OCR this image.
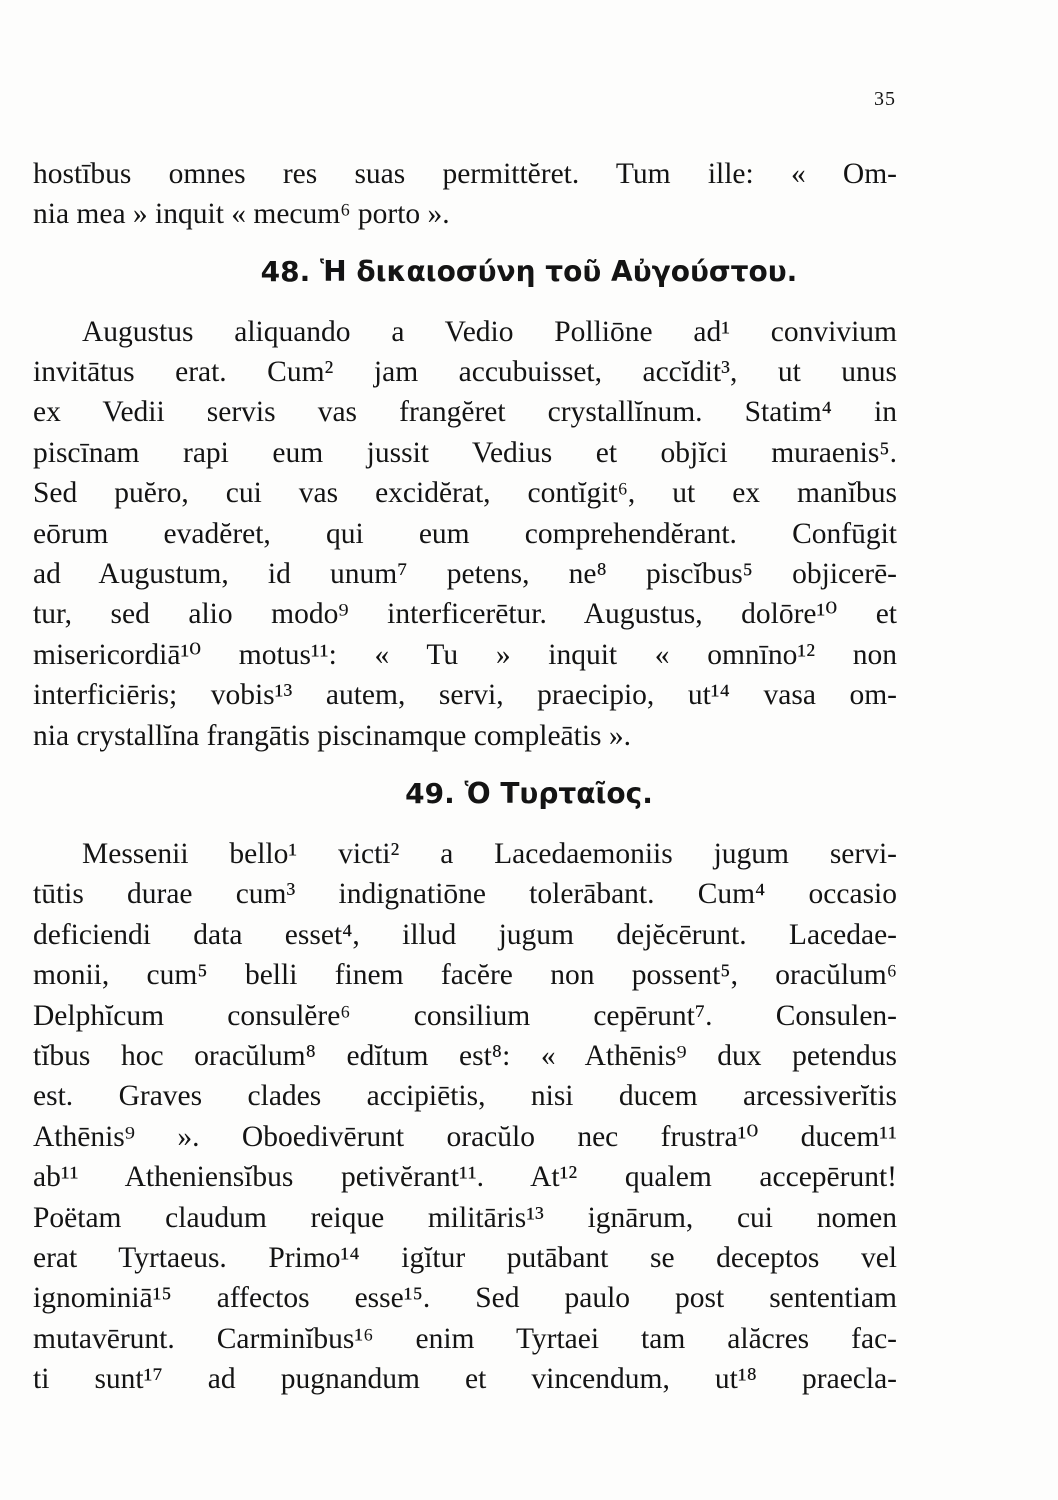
35
hostībus omnes res suas permittĕret. Tum ille: « Om-
nia mea » inquit « mecum⁶ porto ».
48. Ἡ δικαιοσύνη τοῦ Αὐγούστου.
Augustus aliquando a Vedio Polliōne ad¹ convivium
invitātus erat. Cum² jam accubuisset, accĭdit³, ut unus
ex Vedii servis vas frangĕret crystallĭnum. Statim⁴ in
piscīnam rapi eum jussit Vedius et objĭci muraenis⁵.
Sed puĕro, cui vas excidĕrat, contĭgit⁶, ut ex manĭbus
eōrum evadĕret, qui eum comprehendĕrant. Confūgit
ad Augustum, id unum⁷ petens, ne⁸ piscĭbus⁵ objicerē-
tur, sed alio modo⁹ interficerētur. Augustus, dolōre¹⁰ et
misericordiā¹⁰ motus¹¹: « Tu » inquit « omnīno¹² non
interficiēris; vobis¹³ autem, servi, praecipio, ut¹⁴ vasa om-
nia crystallĭna frangātis piscinamque compleātis ».
49. Ὁ Τυρταῖος.
Messenii bello¹ victi² a Lacedaemoniis jugum servi-
tūtis durae cum³ indignatiōne tolerābant. Cum⁴ occasio
deficiendi data esset⁴, illud jugum dejĕcērunt. Lacedae-
monii, cum⁵ belli finem facĕre non possent⁵, oracŭlum⁶
Delphĭcum consulĕre⁶ consilium cepērunt⁷. Consulen-
tĭbus hoc oracŭlum⁸ edĭtum est⁸: « Athēnis⁹ dux petendus
est. Graves clades accipiētis, nisi ducem arcessiverĭtis
Athēnis⁹ ». Oboedivērunt oracŭlo nec frustra¹⁰ ducem¹¹
ab¹¹ Atheniensĭbus petivĕrant¹¹. At¹² qualem accepērunt!
Poëtam claudum reique militāris¹³ ignārum, cui nomen
erat Tyrtaeus. Primo¹⁴ igĭtur putābant se deceptos vel
ignominiā¹⁵ affectos esse¹⁵. Sed paulo post sententiam
mutavērunt. Carminĭbus¹⁶ enim Tyrtaei tam alăcres fac-
ti sunt¹⁷ ad pugnandum et vincendum, ut¹⁸ praecla-
